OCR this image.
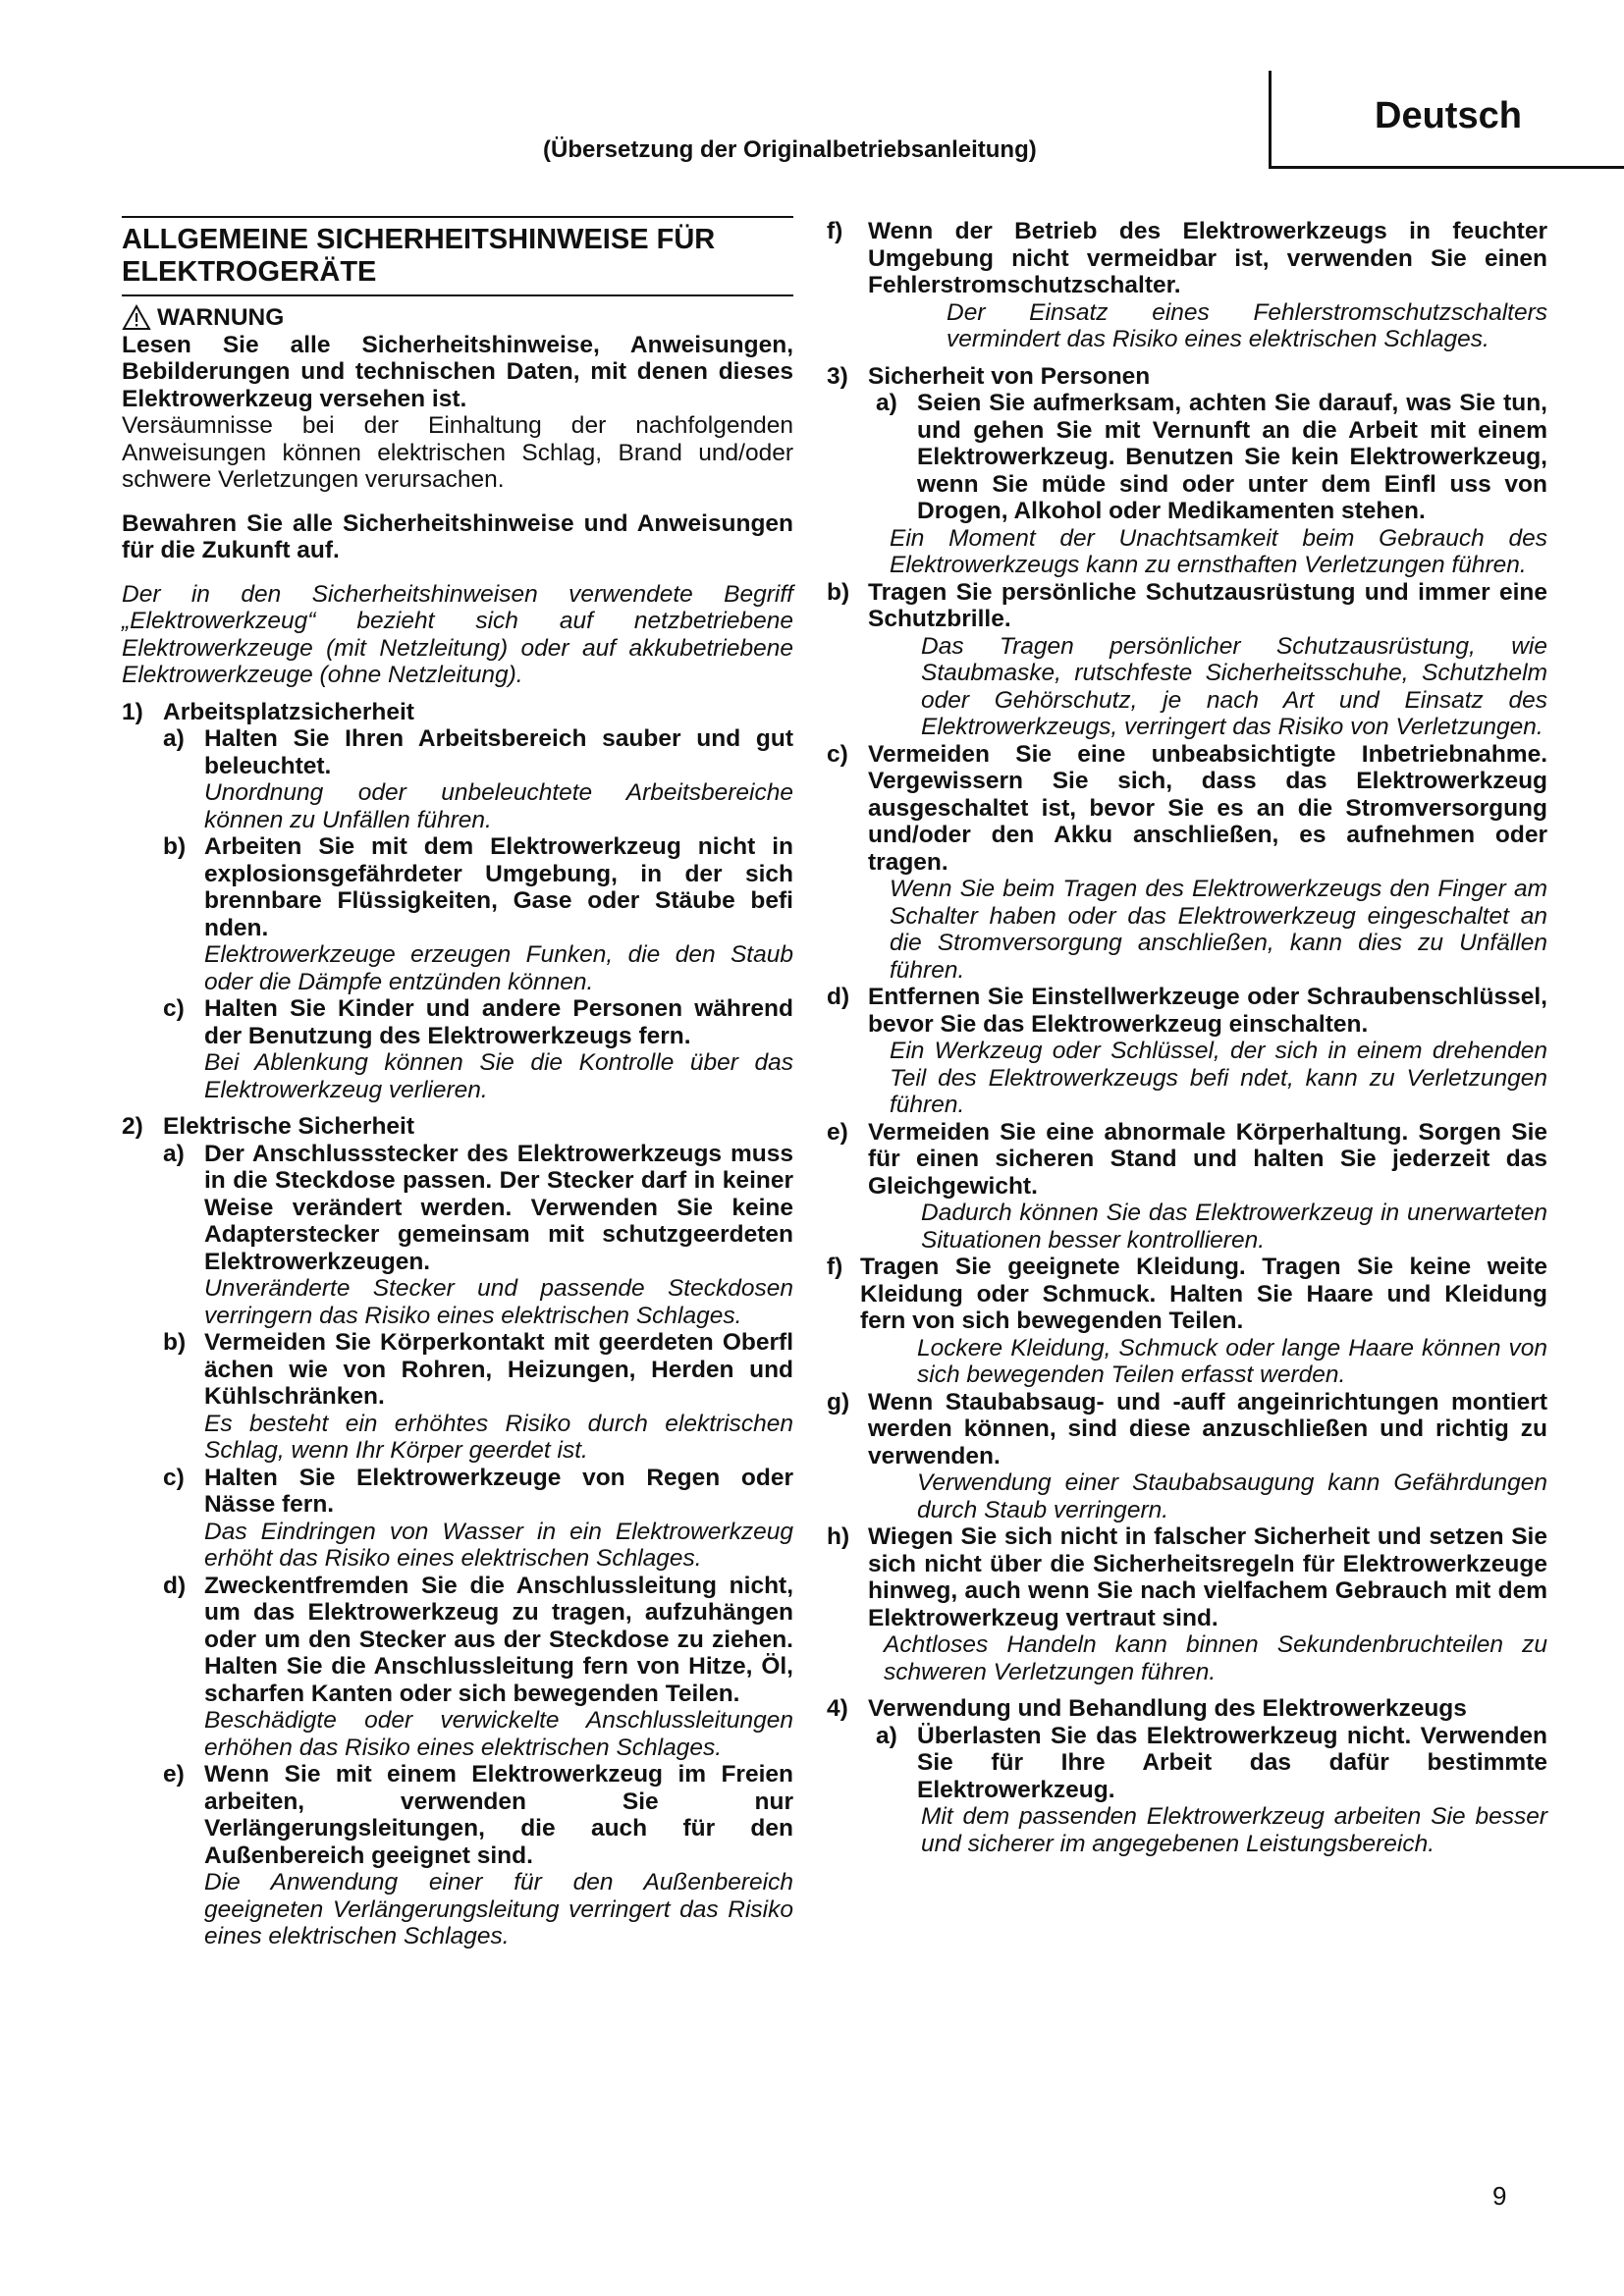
Deutsch
(Übersetzung der Originalbetriebsanleitung)
ALLGEMEINE SICHERHEITSHINWEISE FÜR ELEKTROGERÄTE
WARNUNG

Lesen Sie alle Sicherheitshinweise, Anweisungen, Bebilderungen und technischen Daten, mit denen dieses Elektrowerkzeug versehen ist.

Versäumnisse bei der Einhaltung der nachfolgenden Anweisungen können elektrischen Schlag, Brand und/oder schwere Verletzungen verursachen.

Bewahren Sie alle Sicherheitshinweise und Anweisungen für die Zukunft auf.

Der in den Sicherheitshinweisen verwendete Begriff „Elektrowerkzeug“ bezieht sich auf netzbetriebene Elektrowerkzeuge (mit Netzleitung) oder auf akkubetriebene Elektrowerkzeuge (ohne Netzleitung).

1) Arbeitsplatzsicherheit
a) Halten Sie Ihren Arbeitsbereich sauber und gut beleuchtet.

Unordnung oder unbeleuchtete Arbeitsbereiche können zu Unfällen führen.

b) Arbeiten Sie mit dem Elektrowerkzeug nicht in explosionsgefährdeter Umgebung, in der sich brennbare Flüssigkeiten, Gase oder Stäube befi nden.

Elektrowerkzeuge erzeugen Funken, die den Staub oder die Dämpfe entzünden können.

c) Halten Sie Kinder und andere Personen während der Benutzung des Elektrowerkzeugs fern.

Bei Ablenkung können Sie die Kontrolle über das Elektrowerkzeug verlieren.

2) Elektrische Sicherheit
a) Der Anschlussstecker des Elektrowerkzeugs muss in die Steckdose passen. Der Stecker darf in keiner Weise verändert werden. Verwenden Sie keine Adapterstecker gemeinsam mit schutzgeerdeten Elektrowerkzeugen.

Unveränderte Stecker und passende Steckdosen verringern das Risiko eines elektrischen Schlages.

b) Vermeiden Sie Körperkontakt mit geerdeten Oberfl ächen wie von Rohren, Heizungen, Herden und Kühlschränken.

Es besteht ein erhöhtes Risiko durch elektrischen Schlag, wenn Ihr Körper geerdet ist.

c) Halten Sie Elektrowerkzeuge von Regen oder Nässe fern.

Das Eindringen von Wasser in ein Elektrowerkzeug erhöht das Risiko eines elektrischen Schlages.

d) Zweckentfremden Sie die Anschlussleitung nicht, um das Elektrowerkzeug zu tragen, aufzuhängen oder um den Stecker aus der Steckdose zu ziehen. Halten Sie die Anschlussleitung fern von Hitze, Öl, scharfen Kanten oder sich bewegenden Teilen.

Beschädigte oder verwickelte Anschlussleitungen erhöhen das Risiko eines elektrischen Schlages.

e) Wenn Sie mit einem Elektrowerkzeug im Freien arbeiten, verwenden Sie nur Verlängerungsleitungen, die auch für den Außenbereich geeignet sind.

Die Anwendung einer für den Außenbereich geeigneten Verlängerungsleitung verringert das Risiko eines elektrischen Schlages.

f)	Wenn der Betrieb des Elektrowerkzeugs in feuchter Umgebung nicht vermeidbar ist, verwenden Sie einen Fehlerstromschutzschalter.

Der Einsatz eines Fehlerstromschutzschalters vermindert das Risiko eines elektrischen Schlages.

3) Sicherheit von Personen
a) Seien Sie aufmerksam, achten Sie darauf, was Sie tun, und gehen Sie mit Vernunft an die Arbeit mit einem Elektrowerkzeug. Benutzen Sie kein Elektrowerkzeug, wenn Sie müde sind oder unter dem Einfl uss von Drogen, Alkohol oder Medikamenten stehen.

Ein Moment der Unachtsamkeit beim Gebrauch des Elektrowerkzeugs kann zu ernsthaften Verletzungen führen.

b) Tragen Sie persönliche Schutzausrüstung und immer eine Schutzbrille.

Das Tragen persönlicher Schutzausrüstung, wie Staubmaske, rutschfeste Sicherheitsschuhe, Schutzhelm oder Gehörschutz, je nach Art und Einsatz des Elektrowerkzeugs, verringert das Risiko von Verletzungen.

c) Vermeiden Sie eine unbeabsichtigte Inbetriebnahme. Vergewissern Sie sich, dass das Elektrowerkzeug ausgeschaltet ist, bevor Sie es an die Stromversorgung und/oder den Akku anschließen, es aufnehmen oder tragen.

Wenn Sie beim Tragen des Elektrowerkzeugs den Finger am Schalter haben oder das Elektrowerkzeug eingeschaltet an die Stromversorgung anschließen, kann dies zu Unfällen führen.

d) Entfernen Sie Einstellwerkzeuge oder Schraubenschlüssel, bevor Sie das Elektrowerkzeug einschalten.

Ein Werkzeug oder Schlüssel, der sich in einem drehenden Teil des Elektrowerkzeugs befi ndet, kann zu Verletzungen führen.

e) Vermeiden Sie eine abnormale Körperhaltung. Sorgen Sie für einen sicheren Stand und halten Sie jederzeit das Gleichgewicht.

Dadurch können Sie das Elektrowerkzeug in unerwarteten Situationen besser kontrollieren.

f) Tragen Sie geeignete Kleidung. Tragen Sie keine weite Kleidung oder Schmuck. Halten Sie Haare und Kleidung fern von sich bewegenden Teilen.

Lockere Kleidung, Schmuck oder lange Haare können von sich bewegenden Teilen erfasst werden.

g) Wenn Staubabsaug- und -auff angeinrichtungen montiert werden können, sind diese anzuschließen und richtig zu verwenden.

Verwendung einer Staubabsaugung kann Gefährdungen durch Staub verringern.

h) Wiegen Sie sich nicht in falscher Sicherheit und setzen Sie sich nicht über die Sicherheitsregeln für Elektrowerkzeuge hinweg, auch wenn Sie nach vielfachem Gebrauch mit dem Elektrowerkzeug vertraut sind.

Achtloses Handeln kann binnen Sekundenbruchteilen zu schweren Verletzungen führen.

4) Verwendung und Behandlung des Elektrowerkzeugs
a) Überlasten Sie das Elektrowerkzeug nicht. Verwenden Sie für Ihre Arbeit das dafür bestimmte Elektrowerkzeug.

Mit dem passenden Elektrowerkzeug arbeiten Sie besser und sicherer im angegebenen Leistungsbereich.

9
